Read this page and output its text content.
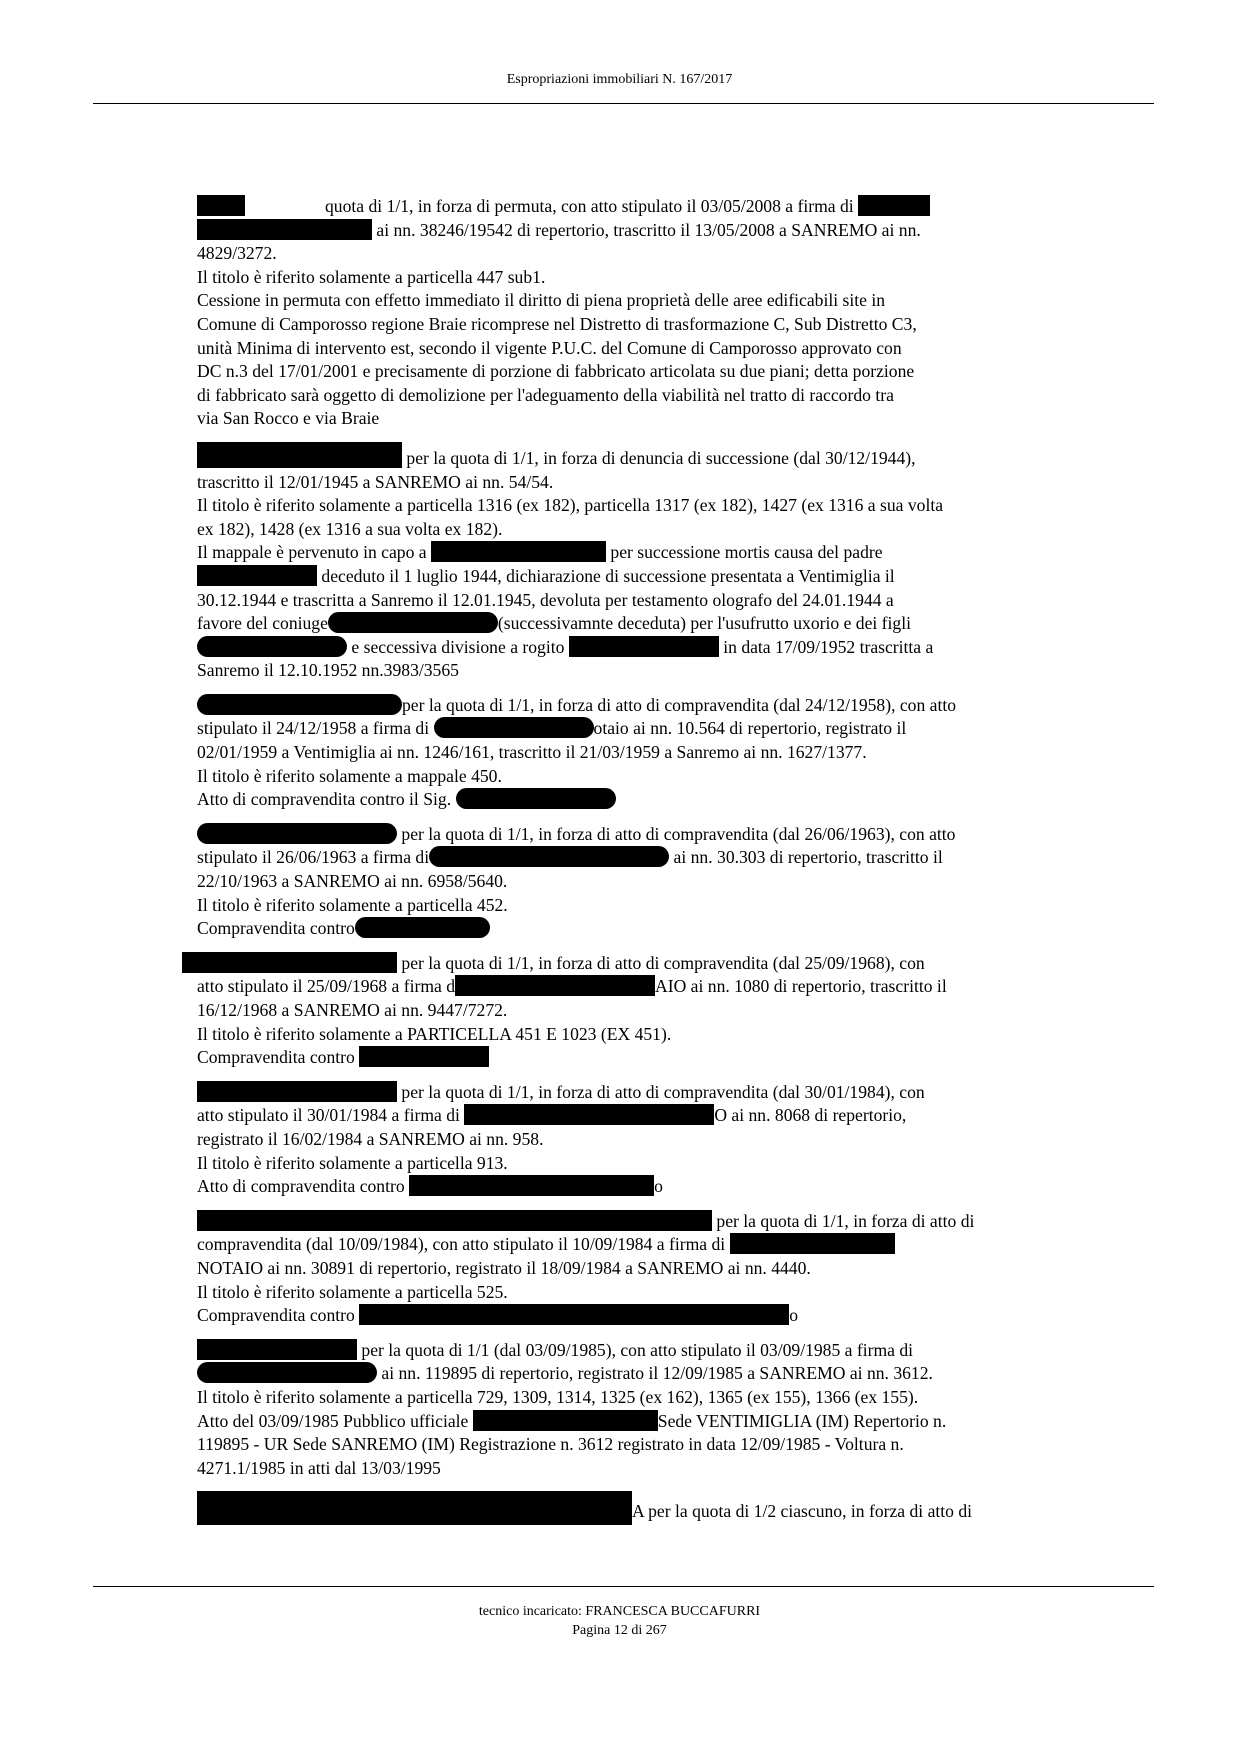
Espropriazioni immobiliari N. 167/2017
quota di 1/1, in forza di permuta, con atto stipulato il 03/05/2008 a firma di
ai nn. 38246/19542 di repertorio, trascritto il 13/05/2008 a SANREMO ai nn.
4829/3272.
Il titolo è riferito solamente a particella 447 sub1.
Cessione in permuta con effetto immediato il diritto di piena proprietà delle aree edificabili site in
Comune di Camporosso regione Braie ricomprese nel Distretto di trasformazione C, Sub Distretto C3,
unità Minima di intervento est, secondo il vigente P.U.C. del Comune di Camporosso approvato con
DC n.3 del 17/01/2001 e precisamente di porzione di fabbricato articolata su due piani; detta porzione
di fabbricato sarà oggetto di demolizione per l'adeguamento della viabilità nel tratto di raccordo tra
via San Rocco e via Braie
per la quota di 1/1, in forza di denuncia di successione (dal 30/12/1944),
trascritto il 12/01/1945 a SANREMO ai nn. 54/54.
Il titolo è riferito solamente a particella 1316 (ex 182), particella 1317 (ex 182), 1427 (ex 1316 a sua volta
ex 182), 1428 (ex 1316 a sua volta ex 182).
Il mappale è pervenuto in capo a	per successione mortis causa del padre
deceduto il 1 luglio 1944, dichiarazione di successione presentata a Ventimiglia il
30.12.1944 e trascritta a Sanremo il 12.01.1945, devoluta per testamento olografo del 24.01.1944 a
favore del coniuge	(successivamnte deceduta) per l'usufrutto uxorio e dei figli
e seccessiva divisione a rogito	in data 17/09/1952 trascritta a
Sanremo il 12.10.1952 nn.3983/3565
per la quota di 1/1, in forza di atto di compravendita (dal 24/12/1958), con atto
stipulato il 24/12/1958 a firma di	otaio ai nn. 10.564 di repertorio, registrato il
02/01/1959 a Ventimiglia ai nn. 1246/161, trascritto il 21/03/1959 a Sanremo ai nn. 1627/1377.
Il titolo è riferito solamente a mappale 450.
Atto di compravendita contro il Sig.
per la quota di 1/1, in forza di atto di compravendita (dal 26/06/1963), con atto
stipulato il 26/06/1963 a firma di	ai nn. 30.303 di repertorio, trascritto il
22/10/1963 a SANREMO ai nn. 6958/5640.
Il titolo è riferito solamente a particella 452.
Compravendita contro
per la quota di 1/1, in forza di atto di compravendita (dal 25/09/1968), con
atto stipulato il 25/09/1968 a firma d	AIO ai nn. 1080 di repertorio, trascritto il
16/12/1968 a SANREMO ai nn. 9447/7272.
Il titolo è riferito solamente a PARTICELLA 451 E 1023 (EX 451).
Compravendita contro
per la quota di 1/1, in forza di atto di compravendita (dal 30/01/1984), con
atto stipulato il 30/01/1984 a firma di	O ai nn. 8068 di repertorio,
registrato il 16/02/1984 a SANREMO ai nn. 958.
Il titolo è riferito solamente a particella 913.
Atto di compravendita contro	o
per la quota di 1/1, in forza di atto di
compravendita (dal 10/09/1984), con atto stipulato il 10/09/1984 a firma di
NOTAIO ai nn. 30891 di repertorio, registrato il 18/09/1984 a SANREMO ai nn. 4440.
Il titolo è riferito solamente a particella 525.
Compravendita contro	o
per la quota di 1/1 (dal 03/09/1985), con atto stipulato il 03/09/1985 a firma di
ai nn. 119895 di repertorio, registrato il 12/09/1985 a SANREMO ai nn. 3612.
Il titolo è riferito solamente a particella 729, 1309, 1314, 1325 (ex 162), 1365 (ex 155), 1366 (ex 155).
Atto del 03/09/1985 Pubblico ufficiale	Sede VENTIMIGLIA (IM) Repertorio n.
119895 - UR Sede SANREMO (IM) Registrazione n. 3612 registrato in data 12/09/1985 - Voltura n.
4271.1/1985 in atti dal 13/03/1995
A per la quota di 1/2 ciascuno, in forza di atto di
tecnico incaricato: FRANCESCA BUCCAFURRI
Pagina 12 di 267
